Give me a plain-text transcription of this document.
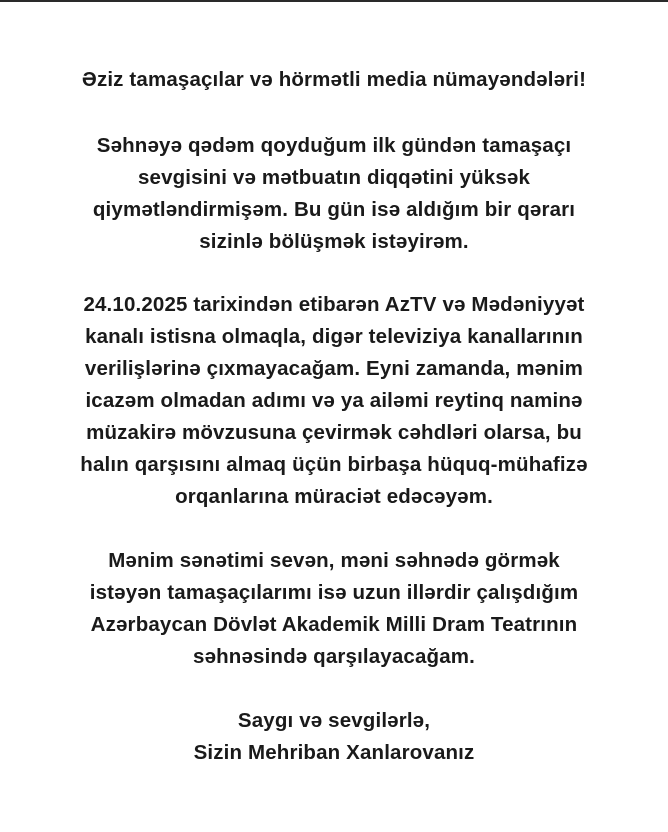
Əziz tamaşaçılar və hörmətli media nümayəndələri!
Səhnəyə qədəm qoyduğum ilk gündən tamaşaçı
sevgisini və mətbuatın diqqətini yüksək
qiymətləndirmişəm. Bu gün isə aldığım bir qərarı
sizinlə bölüşmək istəyirəm.
24.10.2025 tarixindən etibarən AzTV və Mədəniyyət
kanalı istisna olmaqla, digər televiziya kanallarının
verilişlərinə çıxmayacağam. Eyni zamanda, mənim
icazəm olmadan adımı və ya ailəmi reytinq naminə
müzakirə mövzusuna çevirmək cəhdləri olarsa, bu
halın qarşısını almaq üçün birbaşa hüquq-mühafizə
orqanlarına müraciət edəcəyəm.
Mənim sənətimi sevən, məni səhnədə görmək
istəyən tamaşaçılarımı isə uzun illərdir çalışdığım
Azərbaycan Dövlət Akademik Milli Dram Teatrının
səhnəsində qarşılayacağam.
Saygı və sevgilərlə,
Sizin Mehriban Xanlarovanız
